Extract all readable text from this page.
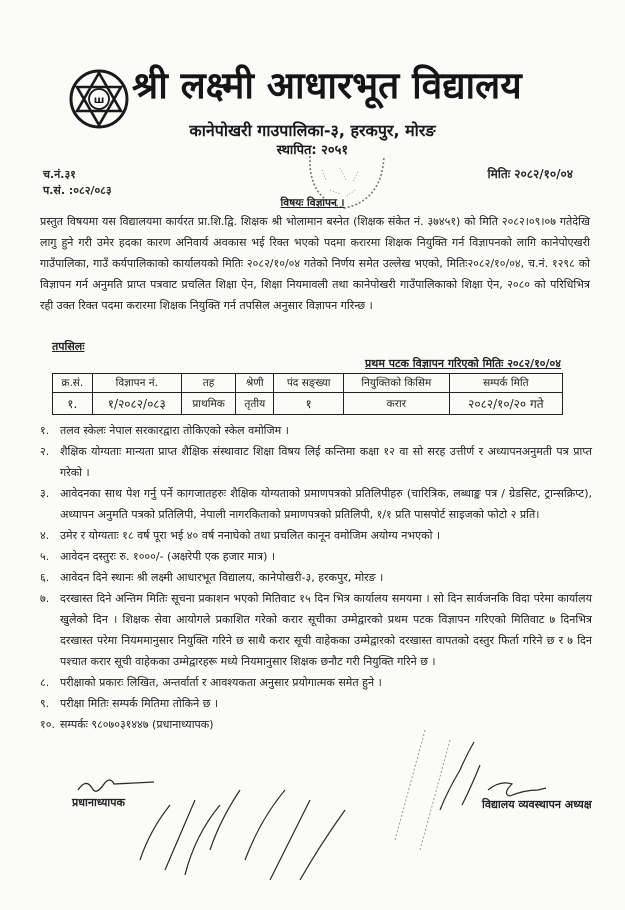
ш श्री लक्ष्मी आधारभूत विद्यालय
कानेपोखरी गाउपालिका-३, हरकपुर, मोरङ
स्थापित: २०५१
च.नं.३१
प.सं. :०८२/०८३
मितिः २०८२/१०/०४
विषयः विज्ञापन ।
प्रस्तुत विषयमा यस विद्यालयमा कार्यरत प्रा.शि.द्वि. शिक्षक श्री भोलामान बस्नेत (शिक्षक संकेत नं. ३७४५१) को मिति २०८२।०९।०७ गतेदेखि लागु हुने गरी उमेर हदका कारण अनिवार्य अवकास भई रिक्त भएको पदमा करारमा शिक्षक नियुक्ति गर्न विज्ञापनको लागि कानेपोएखरी गाउँपालिका, गाउँ कर्यपालिकाको कार्यालयको मितिः २०८२/१०/०४ गतेको निर्णय समेत उल्लेख भएको, मितिः२०८२/१०/०४, च.नं. १२९८ को विज्ञापन गर्न अनुमति प्राप्त पत्रवाट प्रचलित शिक्षा ऐन, शिक्षा नियमावली तथा कानेपोखरी गाउँपालिकाको शिक्षा ऐन, २०८० को परिधिभित्र रही उक्त रिक्त पदमा करारमा शिक्षक नियुक्ति गर्न तपसिल अनुसार विज्ञापन गरिन्छ ।
तपसिलः
प्रथम पटक विज्ञापन गरिएको मितिः २०८२/१०/०४
क्र.सं.	विज्ञापन नं.	तह	श्रेणी	पंद सङ्ख्या	नियुक्तिको किसिम	सम्पर्क मिति
१.	१/२०८२/०८३	प्राथमिक	तृतीय	१	करार	२०८२/१०/२० गते
१. तलव स्केलः नेपाल सरकारद्वारा तोकिएको स्केल वमोजिम ।
२. शैक्षिक योग्यताः मान्यता प्राप्त शैक्षिक संस्थावाट शिक्षा विषय लिई कन्तिमा कक्षा १२ वा सो सरह उत्तीर्ण र अध्यापनअनुमती पत्र प्राप्त गरेको ।
३. आवेदनका साथ पेश गर्नु पर्ने कागजातहरुः शैक्षिक योग्यताको प्रमाणपत्रको प्रतिलिपीहरु (चारित्रिक, लब्धाङ्क पत्र / ग्रेडसिट, ट्रान्सक्रिप्ट), अध्यापन अनुमति पत्रको प्रतिलिपी, नेपाली नागरकिताको प्रमाणपत्रको प्रतिलिपी, १/१ प्रति पासपोर्ट साइजको फोटो २ प्रति।
४. उमेर र योग्यताः १८ वर्ष पूरा भई ४० वर्ष ननाघेको तथा प्रचलित कानून वमोजिम अयोग्य नभएको ।
५. आवेदन दस्तुरः रु. १०००/- (अक्षरेपी एक हजार मात्र) ।
६. आवेदन दिने स्थानः श्री लक्ष्मी आधारभूत विद्यालय, कानेपोखरी-३, हरकपुर, मोरङ ।
७. दरखास्त दिने अन्तिम मितिः सूचना प्रकाशन भएको मितिवाट १५ दिन भित्र कार्यालय समयमा । सो दिन सार्वजनकि विदा परेमा कार्यालय खुलेको दिन । शिक्षक सेवा आयोगले प्रकाशित गरेको करार सूचीका उम्मेद्वारको प्रथम पटक विज्ञापन गरिएको मितिवाट ७ दिनभित्र दरखास्त परेमा नियममानुसार नियुक्ति गरिने छ साथै करार सूची वाहेकका उम्मेद्वारको दरखास्त वापतको दस्तुर फिर्ता गरिने छ र ७ दिन पश्चात करार सूची वाहेकका उम्मेद्वारहरू मध्ये नियमानुसार शिक्षक छनौट गरी नियुक्ति गरिने छ ।
८. परीक्षाको प्रकारः लिखित, अन्तर्वार्ता र आवश्यकता अनुसार प्रयोगात्मक समेत हुने ।
९. परीक्षा मितिः सम्पर्क मितिमा तोकिने छ ।
१०. सम्पर्कः ९८०७०३१४४७ (प्रधानाध्यापक)
प्रधानाध्यापक	विद्यालय व्यवस्थापन अध्यक्ष
